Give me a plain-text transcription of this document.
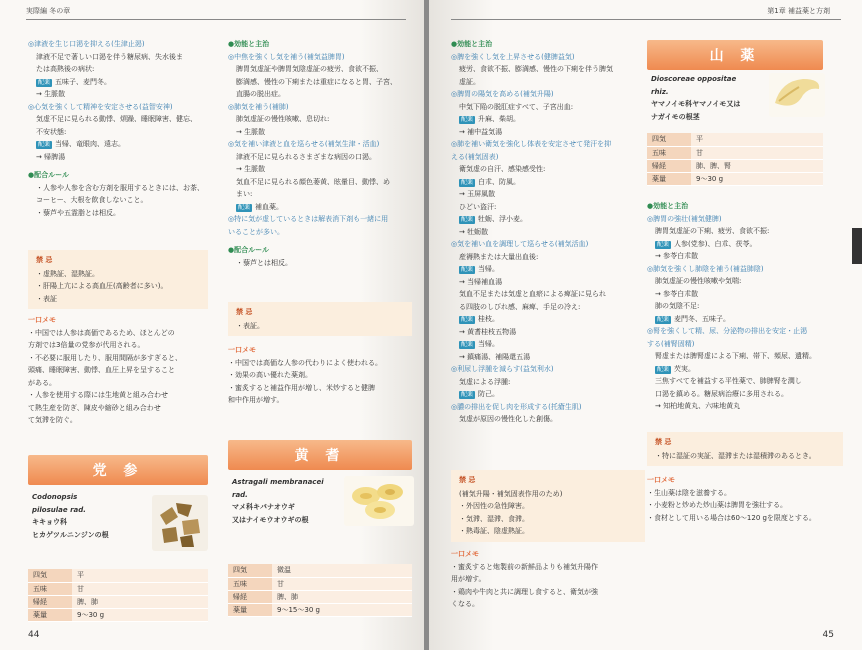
実際編 冬の章

◎津液を生じ口渇を抑える(生津止渇)

津液不足で著しい口渇を伴う糖尿病、失水後ま

たは高熱後の病状:

配薬 五味子、麦門冬。

→ 生脈散

◎心気を強くして精神を安定させる(益智安神)

気虚不足に見られる動悸、煩躁、睡眠障害、健忘、

不安状態:

配薬 当帰、竜眼肉、遠志。

→ 帰脾湯

●配合ルール

・人参や人参を含む方剤を服用するときには、お茶、

コーヒー、大根を飲食しないこと。

・藜芦や五霊脂とは相反。

禁 忌

・虚熱証、湿熱証。

・肝陽上亢による高血圧(高齢者に多い)。

・表証

一口メモ

・中国では人参は高価であるため、ほとんどの

方剤では3倍量の党参が代用される。

・不必要に服用したり、服用間隔が多すぎると、

頭痛、睡眠障害、動悸、血圧上昇を呈すること

がある。

・人参を使用する際には生地黄と組み合わせ

て熱生産を防ぎ、陳皮や縮砂と組み合わせ

て気滞を防ぐ。

党 参
Codonopsis
pilosulae rad.
キキョウ科
ヒカゲツルニンジンの根
四気	平
五味	甘
帰経	脾、肺
薬量	9〜30 g

●効能と主治

◎中焦を強くし気を補う(補気益脾胃)

脾胃気虚証や脾胃気陰虚証の疲労、食欲不振、

膨満感、慢性の下痢または重症になると胃、子宮、

直腸の脱出症。

◎肺気を補う(補肺)

肺気虚証の慢性咳嗽、息切れ:

→ 生脈散

◎気を補い津液と血を巡らせる(補気生津・活血)

津液不足に見られるさまざまな病因の口渇。

→ 生脈散

気血不足に見られる顔色萎黄、眩暈目、動悸、め

まい:

配薬 補血薬。

◎特に気が虚しているときは解表消下剤も一緒に用

いることが多い。

●配合ルール

・藜芦とは相反。

禁 忌

・表証。

一口メモ

・中国では高価な人参の代わりによく使われる。

・効果の高い優れた薬剤。

・蜜炙すると補益作用が増し、米炒すると健脾

和中作用が増す。

黄 耆
Astragali membranacei
rad.
マメ科キバナオウギ
又はナイモウオウギの根
四気	微温
五味	甘
帰経	脾、肺
薬量	9〜15〜30 g
44
第1章 補益薬と方剤

●効能と主治

◎脾を強くし気を上昇させる(健脾益気)

疲労、食欲不振、膨満感、慢性の下痢を伴う脾気

虚証。

◎脾胃の陽気を高める(補気升陽)

中気下陥の脱肛症すべて、子宮出血:

配薬 升麻、柴胡。

→ 補中益気湯

◎肺を補い衛気を強化し体表を安定させて発汗を抑

える(補気固表)

衛気虚の自汗、感染感受性:

配薬 白朮、防風。

→ 玉屏風散

ひどい盗汗:

配薬 牡蛎、浮小麦。

→ 牡蛎散

◎気を補い血を調理して巡らせる(補気活血)

産褥熱または大量出血後:

配薬 当帰。

→ 当帰補血湯

気血不足または気虚と血瘀による痺証に見られ

る四肢のしびれ感、麻痺、手足の冷え:

配薬 桂枝。

→ 黄耆桂枝五物湯

配薬 当帰。

→ 鎮痛湯、補陽還五湯

◎利尿し浮腫を減らす(益気利水)

気虚による浮腫:

配薬 防己。

◎膿の排出を促し肉を形成する(托瘡生肌)

気虚が原因の慢性化した創傷。

禁 忌

(補気升陽・補気固表作用のため)

・外因性の急性障害。

・気滞、湿滞、食滞。

・熱毒証、陰虚熱証。

一口メモ

・蜜炙すると炮製前の新鮮品よりも補気升陽作

用が増す。

・鶏肉や牛肉と共に調理し食すると、衛気が強

くなる。

山 薬
Dioscoreae oppositae
rhiz.
ヤマノイモ科ヤマノイモ又は
ナガイモの根茎
四気	平
五味	甘
帰経	肺、脾、腎
薬量	9〜30 g

●効能と主治

◎脾胃の強壮(補気健脾)

脾胃気虚証の下痢、疲労、食欲不振:

配薬 人参(党参)、白朮、茯苓。

→ 参苓白朮散

◎肺気を強くし肺陰を補う(補益肺陰)

肺気虚証の慢性咳嗽や気喘:

→ 参苓白朮散

肺の気陰不足:

配薬 麦門冬、五味子。

◎腎を強くして精、尿、分泌物の排出を安定・止渇

する(補腎固精)

腎虚または脾腎虚による下痢、帯下、頻尿、遺精。

配薬 芡実。

三焦すべてを補益する平性薬で、肺脾腎を潤し

口渇を鎮める。糖尿病治療に多用される。

→ 知柏地黄丸、六味地黄丸

禁 忌

・特に湿証の実証、湿滞または湿積滞のあるとき。

一口メモ

・生山薬は陰を滋養する。

・小麦粉と炒めた炒山薬は脾胃を強壮する。

・食材として用いる場合は60〜120 gを限度とする。

45
